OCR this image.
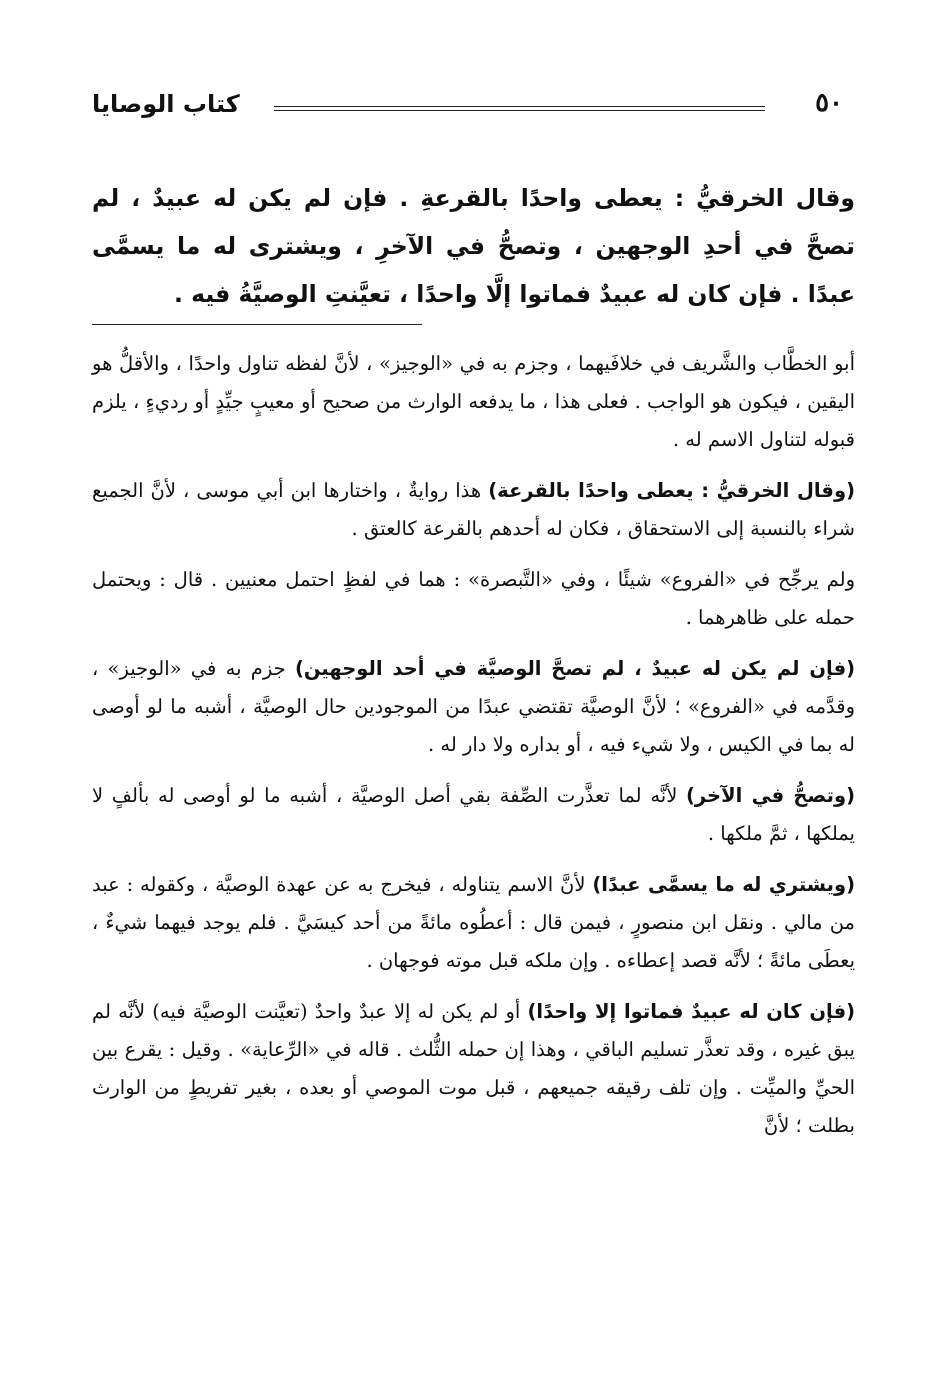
٥٠
كتاب الوصايا
وقال الخرقيُّ : يعطى واحدًا بالقرعةِ . فإن لم يكن له عبيدٌ ، لم تصحَّ في أحدِ الوجهين ، وتصحُّ في الآخرِ ، ويشترى له ما يسمَّى عبدًا . فإن كان له عبيدٌ فماتوا إلَّا واحدًا ، تعيَّنتِ الوصيَّةُ فيه .

أبو الخطَّاب والشَّريف في خلافَيهما ، وجزم به في «الوجيز» ، لأنَّ لفظه تناول واحدًا ، والأقلُّ هو اليقين ، فيكون هو الواجب . فعلى هذا ، ما يدفعه الوارث من صحيح أو معيبٍ جيِّدٍ أو رديءٍ ، يلزم قبوله لتناول الاسم له .

(وقال الخرقيُّ : يعطى واحدًا بالقرعة) هذا روايةٌ ، واختارها ابن أبي موسى ، لأنَّ الجميع شراء بالنسبة إلى الاستحقاق ، فكان له أحدهم بالقرعة كالعتق .

ولم يرجِّح في «الفروع» شيئًا ، وفي «التَّبصرة» : هما في لفظٍ احتمل معنيين . قال : ويحتمل حمله على ظاهرهما .

(فإن لم يكن له عبيدٌ ، لم تصحَّ الوصيَّة في أحد الوجهين) جزم به في «الوجيز» ، وقدَّمه في «الفروع» ؛ لأنَّ الوصيَّة تقتضي عبدًا من الموجودين حال الوصيَّة ، أشبه ما لو أوصى له بما في الكيس ، ولا شيء فيه ، أو بداره ولا دار له .

(وتصحُّ في الآخر) لأنَّه لما تعذَّرت الصِّفة بقي أصل الوصيَّة ، أشبه ما لو أوصى له بألفٍ لا يملكها ، ثمَّ ملكها .

(ويشتري له ما يسمَّى عبدًا) لأنَّ الاسم يتناوله ، فيخرج به عن عهدة الوصيَّة ، وكقوله : عبد من مالي . ونقل ابن منصورٍ ، فيمن قال : أعطُوه مائةً من أحد كيسَيَّ . فلم يوجد فيهما شيءٌ ، يعطَى مائةً ؛ لأنَّه قصد إعطاءه . وإن ملكه قبل موته فوجهان .

(فإن كان له عبيدٌ فماتوا إلا واحدًا) أو لم يكن له إلا عبدٌ واحدٌ (تعيَّنت الوصيَّة فيه) لأنَّه لم يبق غيره ، وقد تعذَّر تسليم الباقي ، وهذا إن حمله الثُّلث . قاله في «الرِّعاية» . وقيل : يقرع بين الحيِّ والميِّت . وإن تلف رقيقه جميعهم ، قبل موت الموصي أو بعده ، بغير تفريطٍ من الوارث بطلت ؛ لأنَّ
